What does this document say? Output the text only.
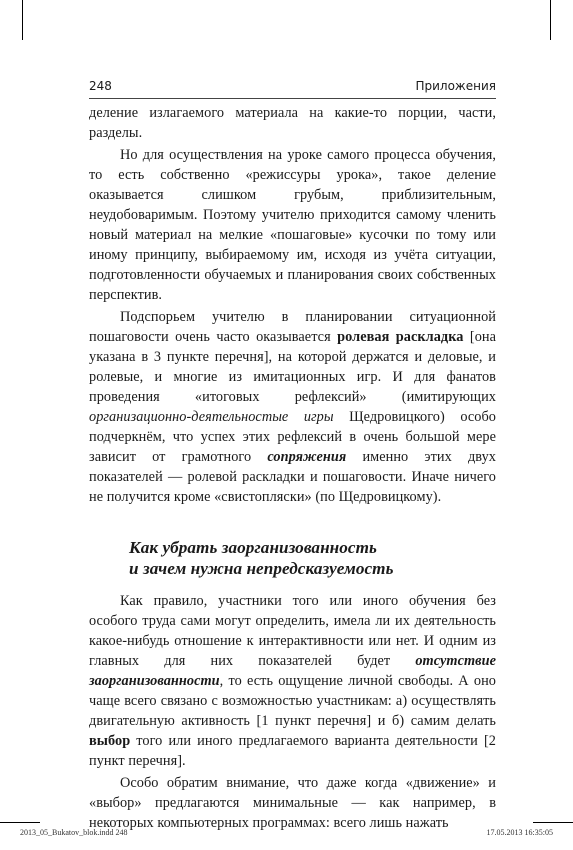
248	Приложения

деление излагаемого материала на какие-то порции, части, разделы.

Но для осуществления на уроке самого процесса обучения, то есть собственно «режиссуры урока», такое деление оказывается слишком грубым, приблизительным, неудобоваримым. Поэтому учителю приходится самому членить новый материал на мелкие «пошаговые» кусочки по тому или иному принципу, выбираемому им, исходя из учёта ситуации, подготовленности обучаемых и планирования своих собственных перспектив.

Подспорьем учителю в планировании ситуационной пошаговости очень часто оказывается ролевая раскладка [она указана в 3 пункте перечня], на которой держатся и деловые, и ролевые, и многие из имитационных игр. И для фанатов проведения «итоговых рефлексий» (имитирующих организационно-деятельностые игры Щедровицкого) особо подчеркнём, что успех этих рефлексий в очень большой мере зависит от грамотного сопряжения именно этих двух показателей — ролевой раскладки и пошаговости. Иначе ничего не получится кроме «свистопляски» (по Щедровицкому).

Как убрать заорганизованность
и зачем нужна непредсказуемость

Как правило, участники того или иного обучения без особого труда сами могут определить, имела ли их деятельность какое-нибудь отношение к интерактивности или нет. И одним из главных для них показателей будет отсутствие заорганизованности, то есть ощущение личной свободы. А оно чаще всего связано с возможностью участникам: а) осуществлять двигательную активность [1 пункт перечня] и б) самим делать выбор того или иного предлагаемого варианта деятельности [2 пункт перечня].

Особо обратим внимание, что даже когда «движение» и «выбор» предлагаются минимальные — как например, в некоторых компьютерных программах: всего лишь нажать

2013_05_Bukatov_blok.indd 248	17.05.2013 16:35:05
